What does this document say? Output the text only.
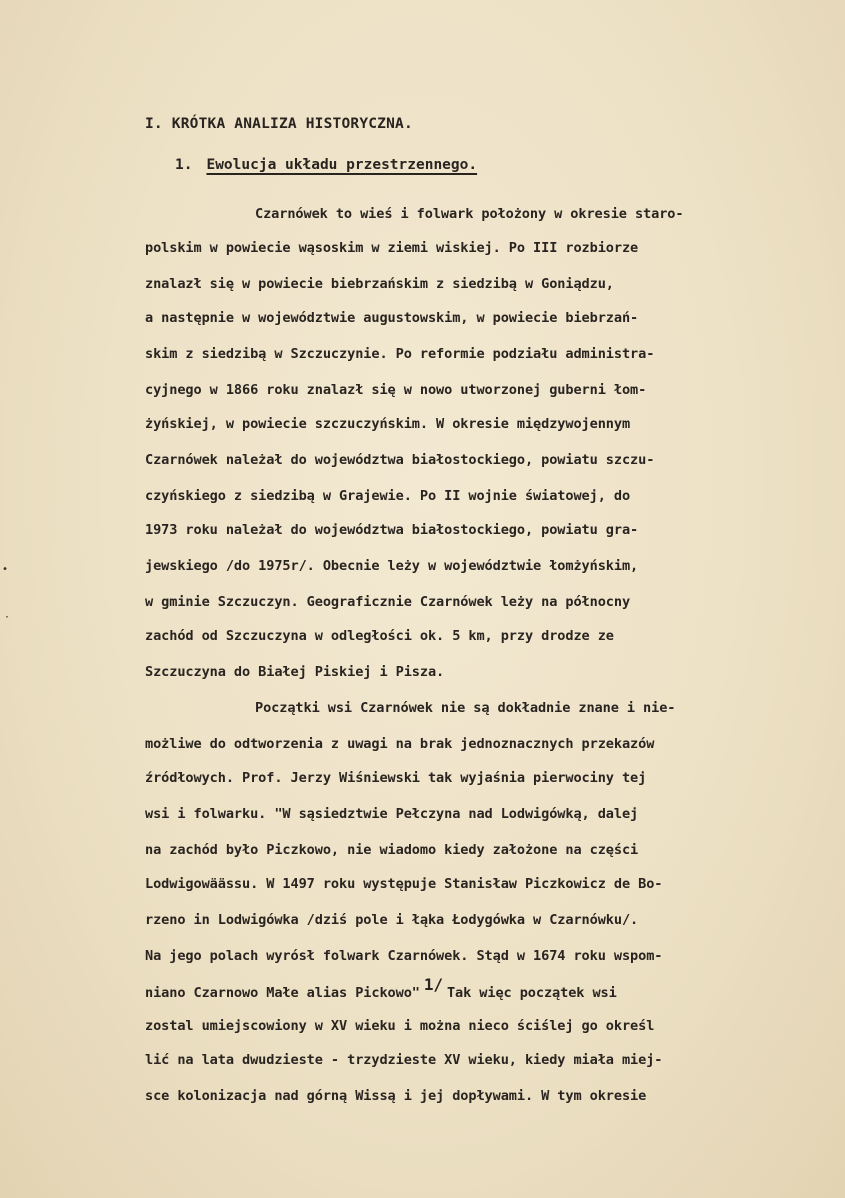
I. KRÓTKA ANALIZA HISTORYCZNA.
1. Ewolucja układu przestrzennego.
Czarnówek to wieś i folwark położony w okresie staro-
polskim w powiecie wąsoskim w ziemi wiskiej. Po III rozbiorze
znalazł się w powiecie biebrzańskim z siedzibą w Goniądzu,
a następnie w województwie augustowskim, w powiecie biebrzań-
skim z siedzibą w Szczuczynie. Po reformie podziału administra-
cyjnego w 1866 roku znalazł się w nowo utworzonej guberni łom-
żyńskiej, w powiecie szczuczyńskim. W okresie międzywojennym
Czarnówek należał do województwa białostockiego, powiatu szczu-
czyńskiego z siedzibą w Grajewie. Po II wojnie światowej, do
1973 roku należał do województwa białostockiego, powiatu gra-
jewskiego /do 1975r/. Obecnie leży w województwie łomżyńskim,
w gminie Szczuczyn. Geograficznie Czarnówek leży na północny
zachód od Szczuczyna w odległości ok. 5 km, przy drodze ze
Szczuczyna do Białej Piskiej i Pisza.
Początki wsi Czarnówek nie są dokładnie znane i nie-
możliwe do odtworzenia z uwagi na brak jednoznacznych przekazów
źródłowych. Prof. Jerzy Wiśniewski tak wyjaśnia pierwociny tej
wsi i folwarku. "W sąsiedztwie Pełczyna nad Lodwigówką, dalej
na zachód było Piczkowo, nie wiadomo kiedy założone na części
Lodwigowäässu. W 1497 roku występuje Stanisław Piczkowicz de Bo-
rzeno in Lodwigówka /dziś pole i łąka Łodygówka w Czarnówku/.
Na jego polach wyrósł folwark Czarnówek. Stąd w 1674 roku wspom-
niano Czarnowo Małe alias Pickowo" 1/ Tak więc początek wsi
zostal umiejscowiony w XV wieku i można nieco ściślej go określ
lić na lata dwudzieste - trzydzieste XV wieku, kiedy miała miej-
sce kolonizacja nad górną Wissą i jej dopływami. W tym okresie
•
·
